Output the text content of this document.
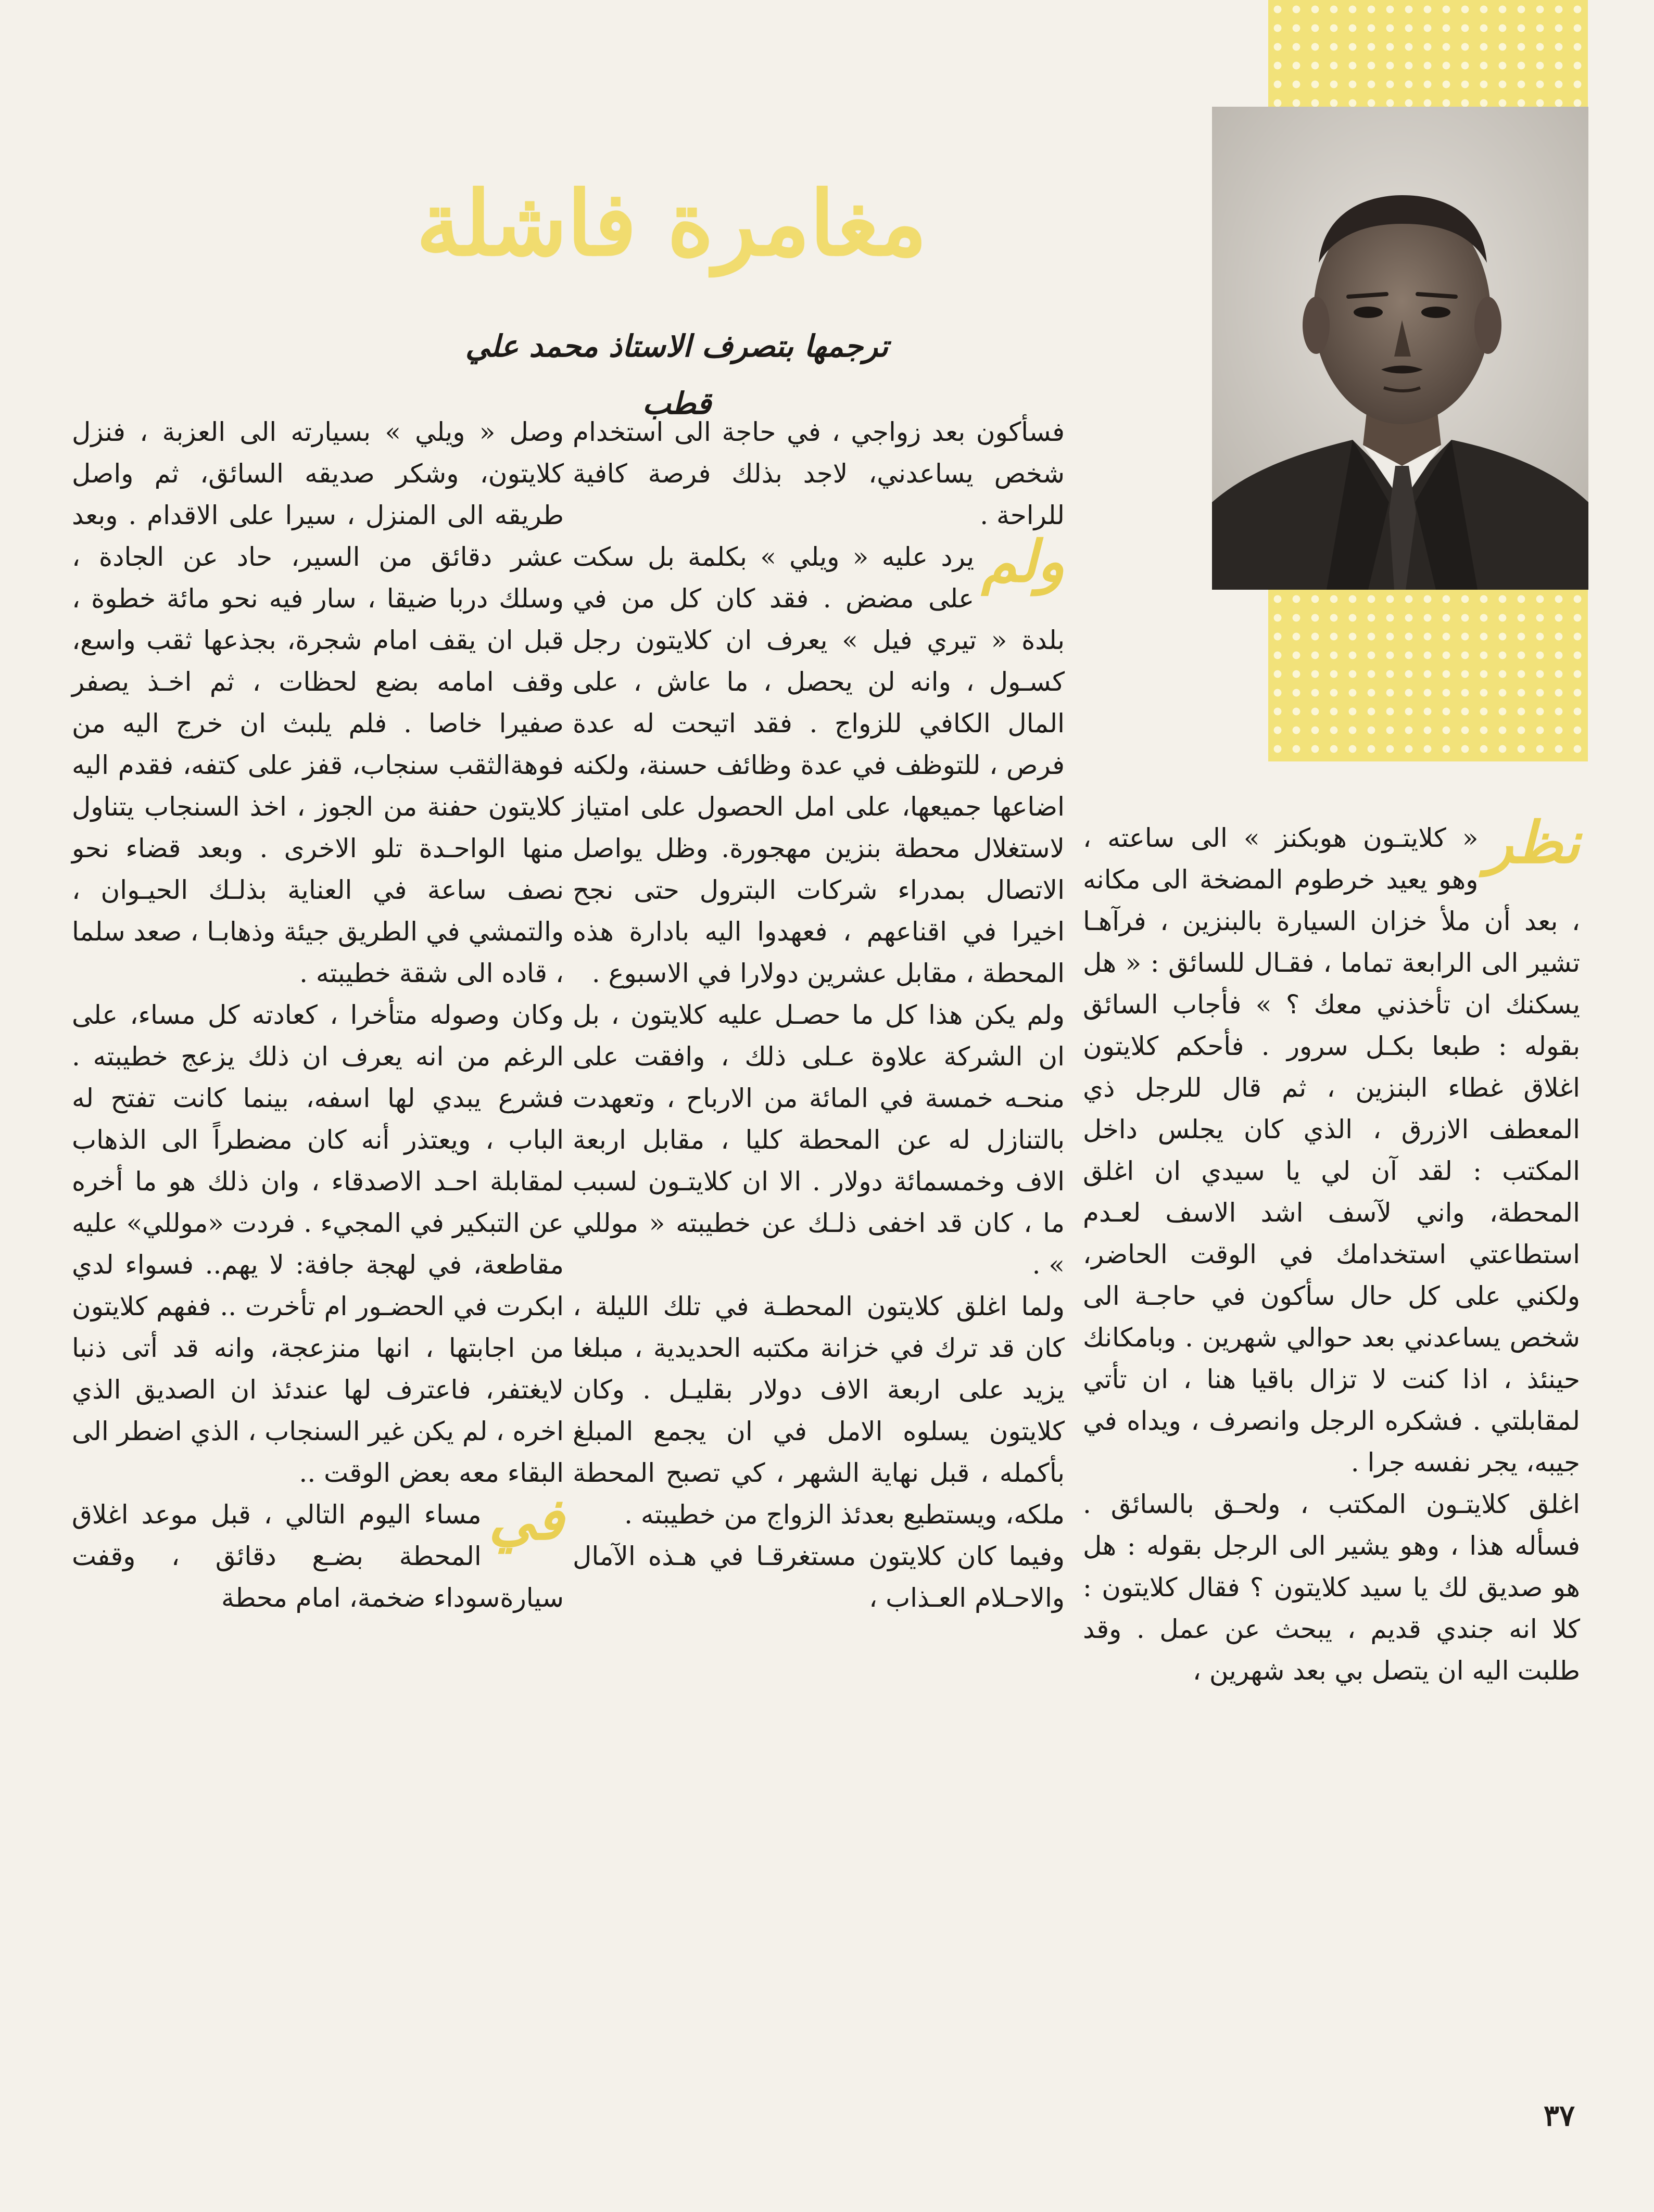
مغامرة فاشلة
ترجمها بتصرف الاستاذ محمد علي قطب
نظر

« كلايتـون هوبكنز » الى ساعته ، وهو يعيد خرطوم المضخة الى مكانه ، بعد أن ملأ خزان السيارة بالبنزين ، فرآهـا تشير الى الرابعة تماما ، فقـال للسائق : « هل يسكنك ان تأخذني معك ؟ » فأجاب السائق بقوله : طبعا بكـل سرور . فأحكم كلايتون اغلاق غطاء البنزين ، ثم قال للرجل ذي المعطف الازرق ، الذي كان يجلس داخل المكتب : لقد آن لي يا سيدي ان اغلق المحطة، واني لآسف اشد الاسف لعـدم استطاعتي استخدامك في الوقت الحاضر، ولكني على كل حال سأكون في حاجـة الى شخص يساعدني بعد حوالي شهرين . وبامكانك حينئذ ، اذا كنت لا تزال باقيا هنا ، ان تأتي لمقابلتي . فشكره الرجل وانصرف ، ويداه في جيبه، يجر نفسه جرا .

اغلق كلايتـون المكتب ، ولحـق بالسائق . فسأله هذا ، وهو يشير الى الرجل بقوله : هل هو صديق لك يا سيد كلايتون ؟ فقال كلايتون : كلا انه جندي قديم ، يبحث عن عمل . وقد طلبت اليه ان يتصل بي بعد شهرين ،

فسأكون بعد زواجي ، في حاجة الى استخدام شخص يساعدني، لاجد بذلك فرصة كافية للراحة .

ولم

يرد عليه « ويلي » بكلمة بل سكت على مضض . فقد كان كل من في بلدة « تيري فيل » يعرف ان كلايتون رجل كسـول ، وانه لن يحصل ، ما عاش ، على المال الكافي للزواج . فقد اتيحت له عدة فرص ، للتوظف في عدة وظائف حسنة، ولكنه اضاعها جميعها، على امل الحصول على امتياز لاستغلال محطة بنزين مهجورة. وظل يواصل الاتصال بمدراء شركات البترول حتى نجح اخيرا في اقناعهم ، فعهدوا اليه بادارة هذه المحطة ، مقابل عشرين دولارا في الاسبوع .

ولم يكن هذا كل ما حصـل عليه كلايتون ، بل ان الشركة علاوة عـلى ذلك ، وافقت على منحـه خمسة في المائة من الارباح ، وتعهدت بالتنازل له عن المحطة كليا ، مقابل اربعة الاف وخمسمائة دولار . الا ان كلايتـون لسبب ما ، كان قد اخفى ذلـك عن خطيبته « موللي » .

ولما اغلق كلايتون المحطـة في تلك الليلة ، كان قد ترك في خزانة مكتبه الحديدية ، مبلغا يزيد على اربعة الاف دولار بقليـل . وكان كلايتون يسلوه الامل في ان يجمع المبلغ بأكمله ، قبل نهاية الشهر ، كي تصبح المحطة ملكه، ويستطيع بعدئذ الزواج من خطيبته .

وفيما كان كلايتون مستغرقـا في هـذه الآمال والاحـلام العـذاب ،

وصل « ويلي » بسيارته الى العزبة ، فنزل كلايتون، وشكر صديقه السائق، ثم واصل طريقه الى المنزل ، سيرا على الاقدام . وبعد عشر دقائق من السير، حاد عن الجادة ، وسلك دربا ضيقا ، سار فيه نحو مائة خطوة ، قبل ان يقف امام شجرة، بجذعها ثقب واسع، وقف امامه بضع لحظات ، ثم اخـذ يصفر صفيرا خاصا . فلم يلبث ان خرج اليه من فوهةالثقب سنجاب، قفز على كتفه، فقدم اليه كلايتون حفنة من الجوز ، اخذ السنجاب يتناول منها الواحـدة تلو الاخرى . وبعد قضاء نحو نصف ساعة في العناية بذلـك الحيـوان ، والتمشي في الطريق جيئة وذهابـا ، صعد سلما ، قاده الى شقة خطيبته .

وكان وصوله متأخرا ، كعادته كل مساء، على الرغم من انه يعرف ان ذلك يزعج خطيبته . فشرع يبدي لها اسفه، بينما كانت تفتح له الباب ، ويعتذر أنه كان مضطراً الى الذهاب لمقابلة احـد الاصدقاء ، وان ذلك هو ما أخره عن التبكير في المجيء . فردت «موللي» عليه مقاطعة، في لهجة جافة: لا يهم.. فسواء لدي ابكرت في الحضـور ام تأخرت .. ففهم كلايتون من اجابتها ، انها منزعجة، وانه قد أتى ذنبا لايغتفر، فاعترف لها عندئذ ان الصديق الذي اخره ، لم يكن غير السنجاب ، الذي اضطر الى البقاء معه بعض الوقت ..

في

مساء اليوم التالي ، قبل موعد اغلاق المحطة بضـع دقائق ، وقفت سيارةسوداء ضخمة، امام محطة

٣٧
